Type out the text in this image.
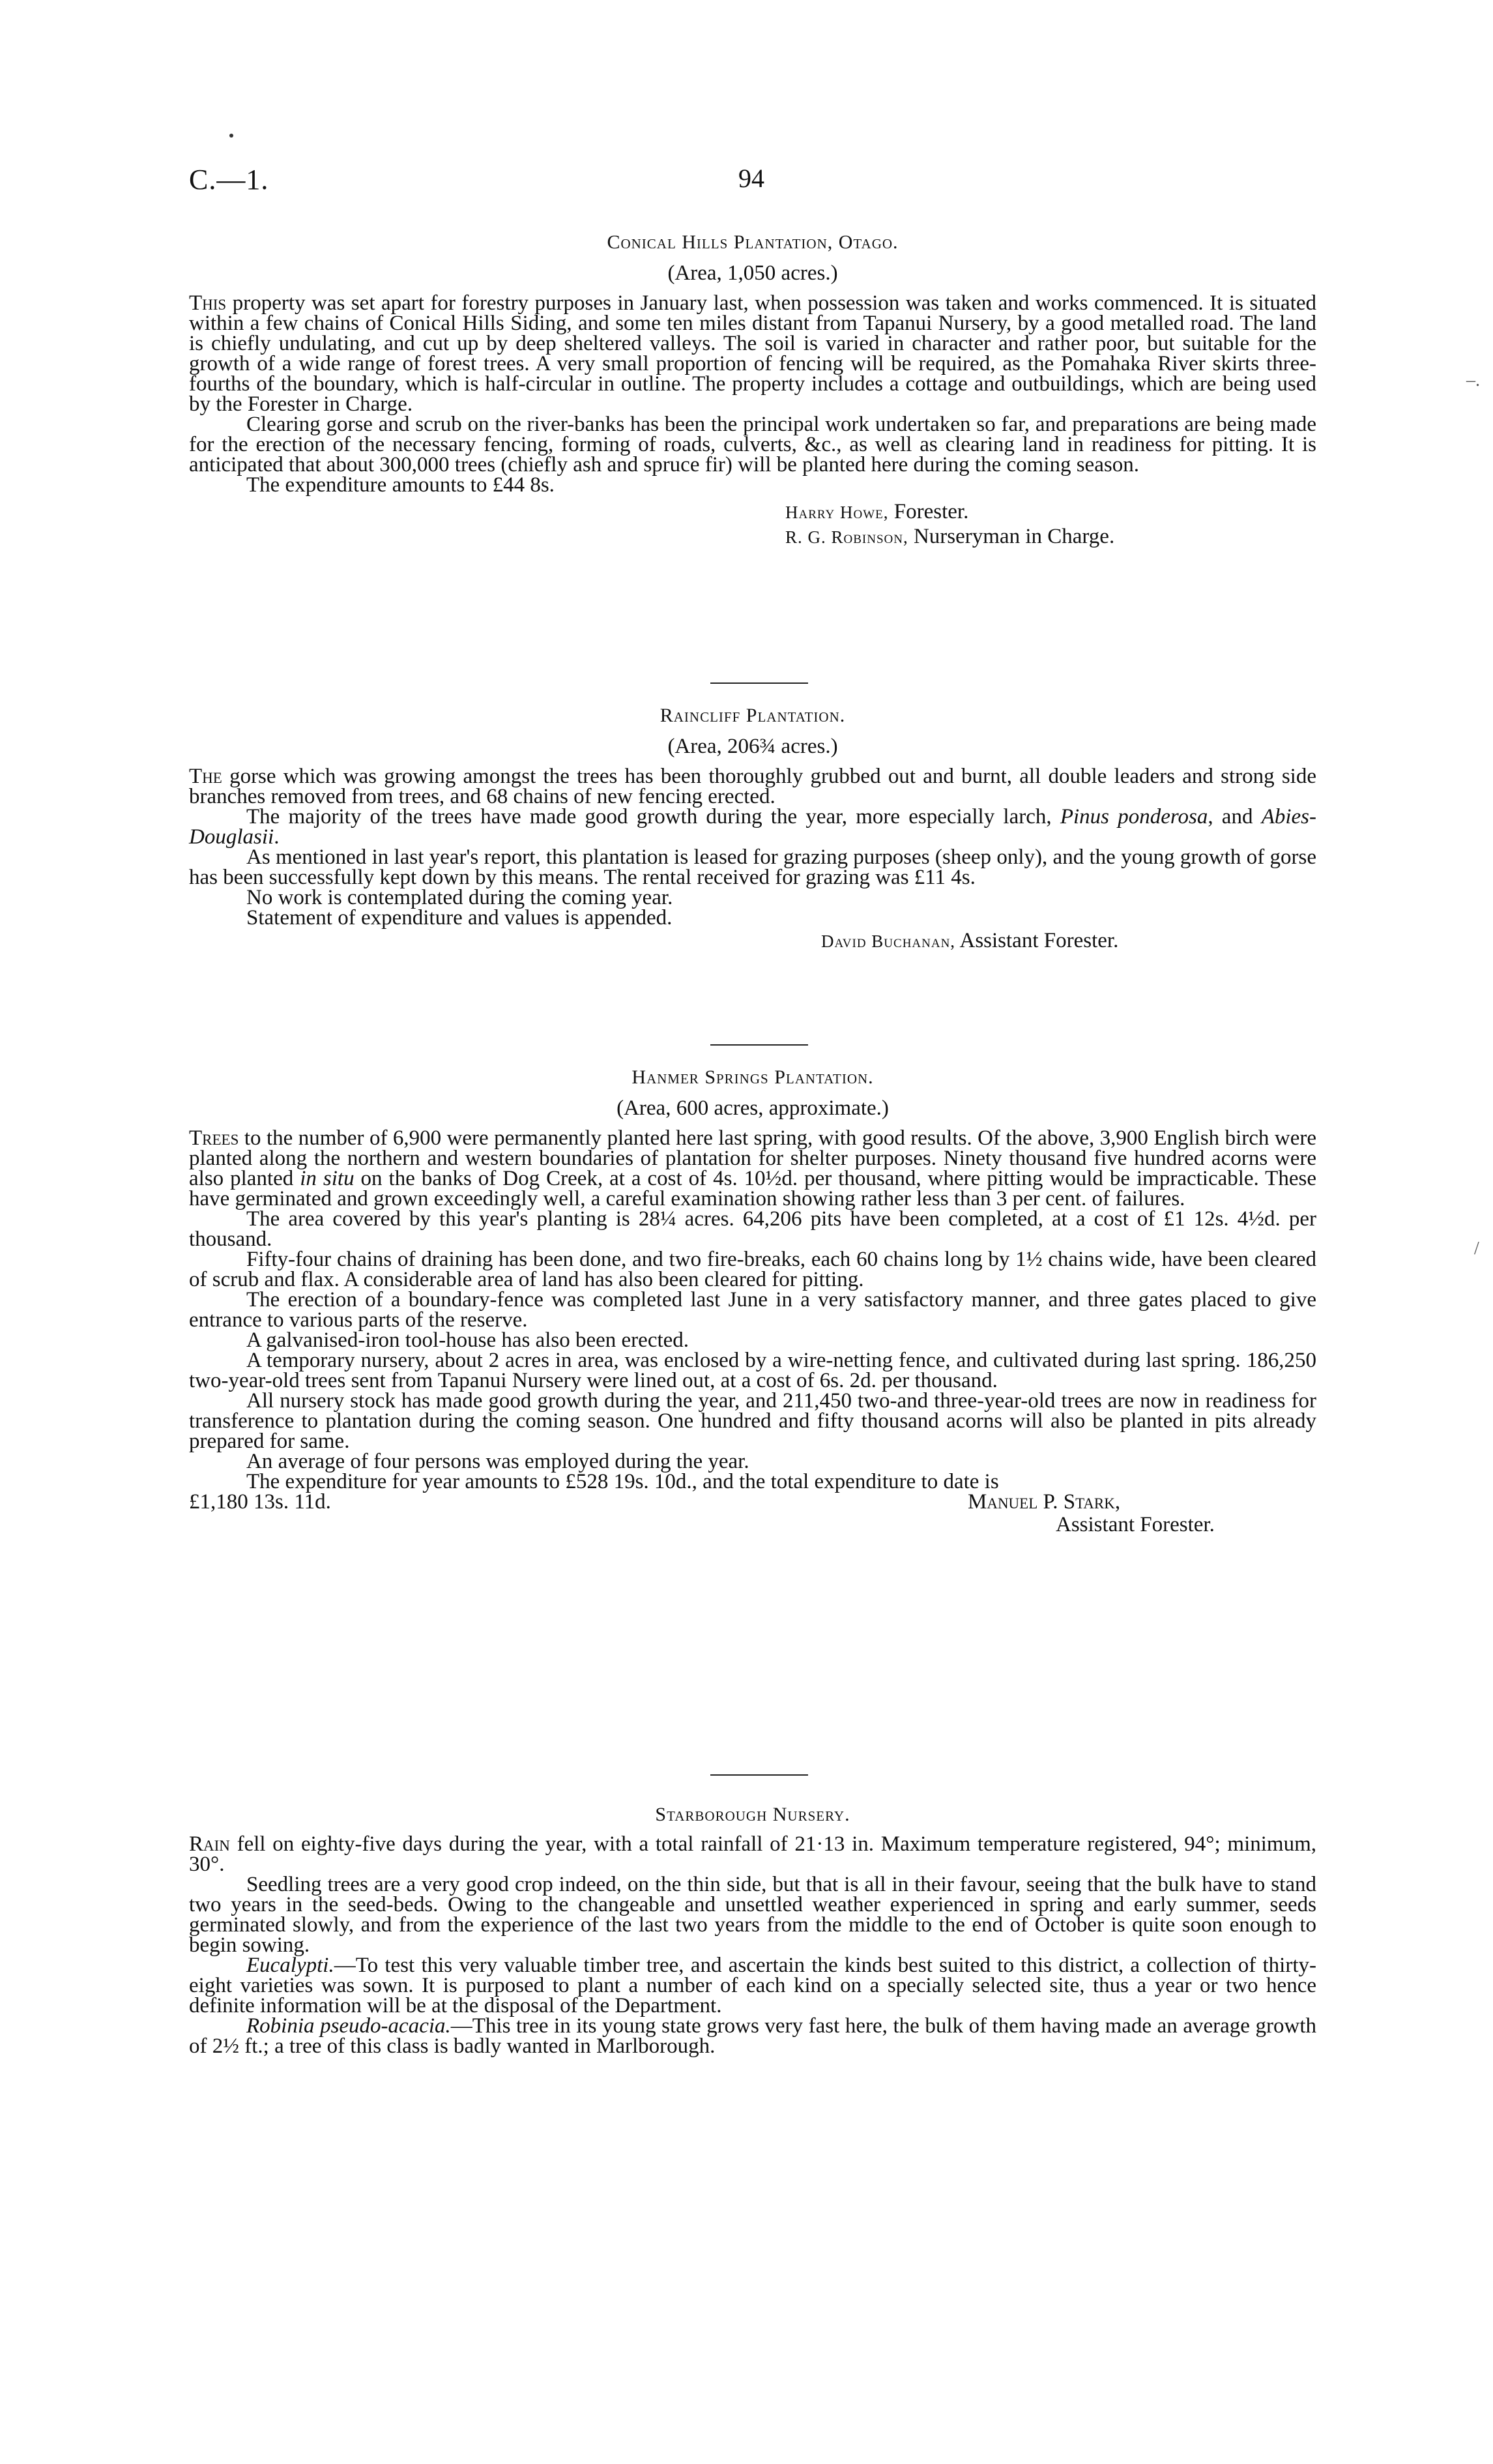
C.—1.	94
–.
/
Conical Hills Plantation, Otago.
(Area, 1,050 acres.)

This property was set apart for forestry purposes in January last, when possession was taken and works commenced. It is situated within a few chains of Conical Hills Siding, and some ten miles distant from Tapanui Nursery, by a good metalled road. The land is chiefly undulating, and cut up by deep sheltered valleys. The soil is varied in character and rather poor, but suitable for the growth of a wide range of forest trees. A very small proportion of fencing will be required, as the Pomahaka River skirts three-fourths of the boundary, which is half-circular in outline. The property includes a cottage and outbuildings, which are being used by the Forester in Charge.

Clearing gorse and scrub on the river-banks has been the principal work undertaken so far, and preparations are being made for the erection of the necessary fencing, forming of roads, culverts, &c., as well as clearing land in readiness for pitting. It is anticipated that about 300,000 trees (chiefly ash and spruce fir) will be planted here during the coming season.

The expenditure amounts to £44 8s.

Harry Howe, Forester.
R. G. Robinson, Nurseryman in Charge.
Raincliff Plantation.
(Area, 206¾ acres.)

The gorse which was growing amongst the trees has been thoroughly grubbed out and burnt, all double leaders and strong side branches removed from trees, and 68 chains of new fencing erected.

The majority of the trees have made good growth during the year, more especially larch, Pinus ponderosa, and Abies-Douglasii.

As mentioned in last year's report, this plantation is leased for grazing purposes (sheep only), and the young growth of gorse has been successfully kept down by this means. The rental received for grazing was £11 4s.

No work is contemplated during the coming year.

Statement of expenditure and values is appended.

David Buchanan, Assistant Forester.
Hanmer Springs Plantation.
(Area, 600 acres, approximate.)

Trees to the number of 6,900 were permanently planted here last spring, with good results. Of the above, 3,900 English birch were planted along the northern and western boundaries of plantation for shelter purposes. Ninety thousand five hundred acorns were also planted in situ on the banks of Dog Creek, at a cost of 4s. 10½d. per thousand, where pitting would be impracticable. These have germinated and grown exceedingly well, a careful examination showing rather less than 3 per cent. of failures.

The area covered by this year's planting is 28¼ acres. 64,206 pits have been completed, at a cost of £1 12s. 4½d. per thousand.

Fifty-four chains of draining has been done, and two fire-breaks, each 60 chains long by 1½ chains wide, have been cleared of scrub and flax. A considerable area of land has also been cleared for pitting.

The erection of a boundary-fence was completed last June in a very satisfactory manner, and three gates placed to give entrance to various parts of the reserve.

A galvanised-iron tool-house has also been erected.

A temporary nursery, about 2 acres in area, was enclosed by a wire-netting fence, and cultivated during last spring. 186,250 two-year-old trees sent from Tapanui Nursery were lined out, at a cost of 6s. 2d. per thousand.

All nursery stock has made good growth during the year, and 211,450 two-and three-year-old trees are now in readiness for transference to plantation during the coming season. One hundred and fifty thousand acorns will also be planted in pits already prepared for same.

An average of four persons was employed during the year.

The expenditure for year amounts to £528 19s. 10d., and the total expenditure to date is

£1,180 13s. 11d.	Manuel P. Stark,
Assistant Forester.
Starborough Nursery.

Rain fell on eighty-five days during the year, with a total rainfall of 21·13 in. Maximum temperature registered, 94°; minimum, 30°.

Seedling trees are a very good crop indeed, on the thin side, but that is all in their favour, seeing that the bulk have to stand two years in the seed-beds. Owing to the changeable and unsettled weather experienced in spring and early summer, seeds germinated slowly, and from the experience of the last two years from the middle to the end of October is quite soon enough to begin sowing.

Eucalypti.—To test this very valuable timber tree, and ascertain the kinds best suited to this district, a collection of thirty-eight varieties was sown. It is purposed to plant a number of each kind on a specially selected site, thus a year or two hence definite information will be at the disposal of the Department.

Robinia pseudo-acacia.—This tree in its young state grows very fast here, the bulk of them having made an average growth of 2½ ft.; a tree of this class is badly wanted in Marlborough.
